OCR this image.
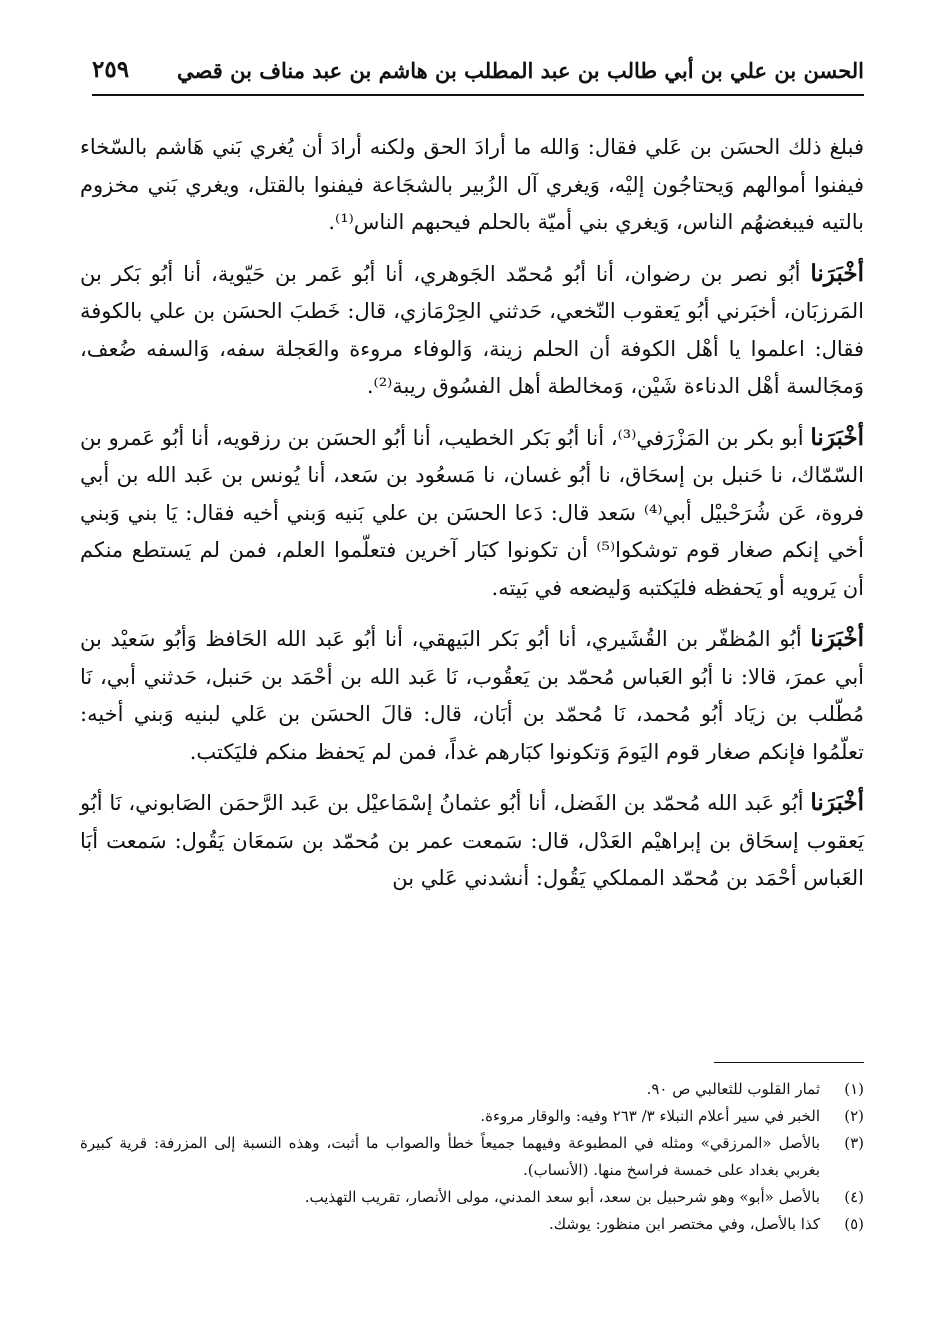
الحسن بن علي بن أبي طالب بن عبد المطلب بن هاشم بن عبد مناف بن قصي
٢٥٩

فبلغ ذلك الحسَن بن عَلي فقال: وَالله ما أرادَ الحق ولكنه أرادَ أن يُغري بَني هَاشم بالسّخاء فيفنوا أموالهم وَيحتاجُون إليْه، وَيغري آل الزُبير بالشجَاعة فيفنوا بالقتل، ويغري بَني مخزوم بالتيه فيبغضهُم الناس، وَيغري بني أميّة بالحلم فيحبهم الناس⁽¹⁾.

أخْبَرَنا أبُو نصر بن رضوان، أنا أبُو مُحمّد الجَوهري، أنا أبُو عَمر بن حَيّوية، أنا أبُو بَكر بن المَرزبَان، أخبَرني أبُو يَعقوب النّخعي، حَدثني الحِرْمَازي، قال: خَطبَ الحسَن بن علي بالكوفة فقال: اعلموا يا أهْل الكوفة أن الحلم زينة، وَالوفاء مروءة والعَجلة سفه، وَالسفه ضُعف، وَمجَالسة أهْل الدناءة شَيْن، وَمخالطة أهل الفسُوق ريبة⁽²⁾.

أخْبَرَنا أبو بكر بن المَزْرَفي⁽³⁾، أنا أبُو بَكر الخطيب، أنا أبُو الحسَن بن رزقويه، أنا أبُو عَمرو بن السّمّاك، نا حَنبل بن إسحَاق، نا أبُو غسان، نا مَسعُود بن سَعد، أنا يُونس بن عَبد الله بن أبي فروة، عَن شُرَحْبيْل أبي⁽⁴⁾ سَعد قال: دَعا الحسَن بن علي بَنيه وَبني أخيه فقال: يَا بني وَبني أخي إنكم صغار قوم توشكوا⁽⁵⁾ أن تكونوا كبَار آخرين فتعلّموا العلم، فمن لم يَستطع منكم أن يَرويه أو يَحفظه فليَكتبه وَليضعه في بَيته.

أخْبَرَنا أبُو المُظفّر بن القُشَيري، أنا أبُو بَكر البَيهقي، أنا أبُو عَبد الله الحَافظ وَأبُو سَعيْد بن أبي عمرَ، قالا: نا أبُو العَباس مُحمّد بن يَعقُوب، نَا عَبد الله بن أحْمَد بن حَنبل، حَدثني أبي، نَا مُطّلب بن زيَاد أبُو مُحمد، نَا مُحمّد بن أبَان، قال: قالَ الحسَن بن عَلي لبنيه وَبني أخيه: تعلّمُوا فإنكم صغار قوم اليَومَ وَتكونوا كبَارهم غداً، فمن لم يَحفظ منكم فليَكتب.

أخْبَرَنا أبُو عَبد الله مُحمّد بن الفَضل، أنا أبُو عثمانُ إسْمَاعيْل بن عَبد الرَّحمَن الصَابوني، نَا أبُو يَعقوب إسحَاق بن إبراهيْم العَدْل، قال: سَمعت عمر بن مُحمّد بن سَمعَان يَقُول: سَمعت أبَا العَباس أحْمَد بن مُحمّد المملكي يَقُول: أنشدني عَلي بن

(١)
ثمار القلوب للثعالبي ص ٩٠.
(٢)
الخبر في سير أعلام النبلاء ٣/ ٢٦٣ وفيه: والوقار مروءة.
(٣)
بالأصل «المرزقي» ومثله في المطبوعة وفيهما جميعاً خطأ والصواب ما أثبت، وهذه النسبة إلى المزرفة: قرية كبيرة بغربي بغداد على خمسة فراسخ منها. (الأنساب).
(٤)
بالأصل «أبو» وهو شرحبيل بن سعد، أبو سعد المدني، مولى الأنصار، تقريب التهذيب.
(٥)
كذا بالأصل، وفي مختصر ابن منظور: يوشك.
